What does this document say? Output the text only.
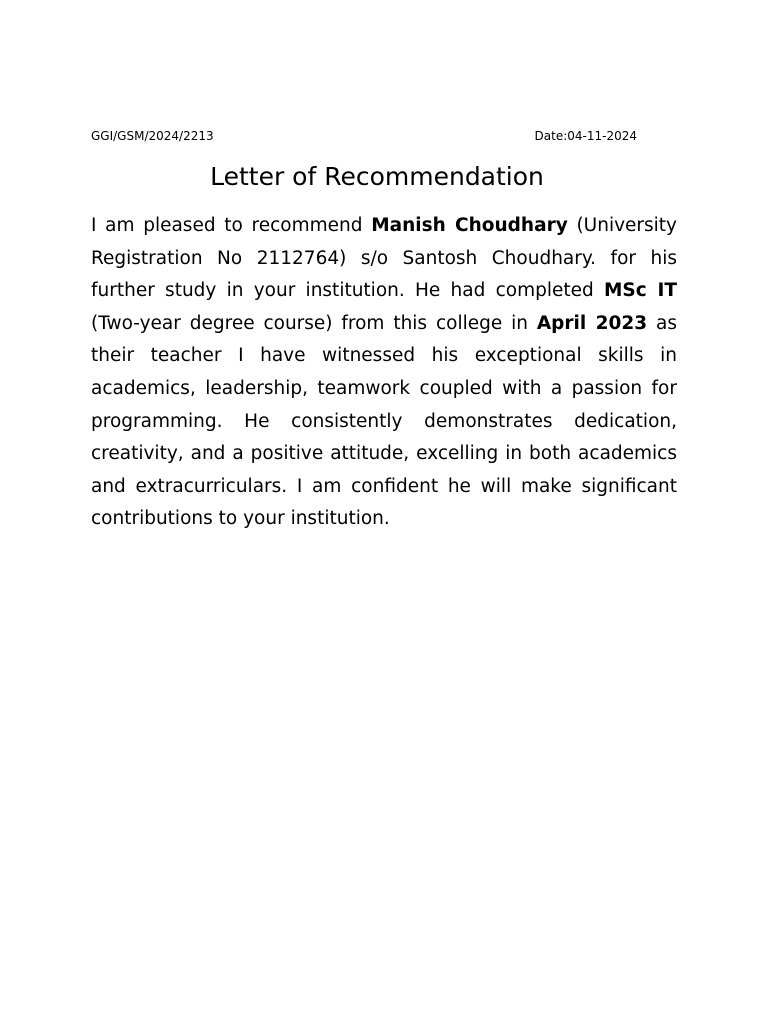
GGI/GSM/2024/2213	Date:04-11-2024
Letter of Recommendation

I am pleased to recommend Manish Choudhary (University Registration No 2112764) s/o Santosh Choudhary. for his further study in your institution. He had completed MSc IT (Two-year degree course) from this college in April 2023 as their teacher I have witnessed his exceptional skills in academics, leadership, teamwork coupled with a passion for programming. He consistently demonstrates dedication, creativity, and a positive attitude, excelling in both academics and extracurriculars. I am confident he will make significant contributions to your institution.
